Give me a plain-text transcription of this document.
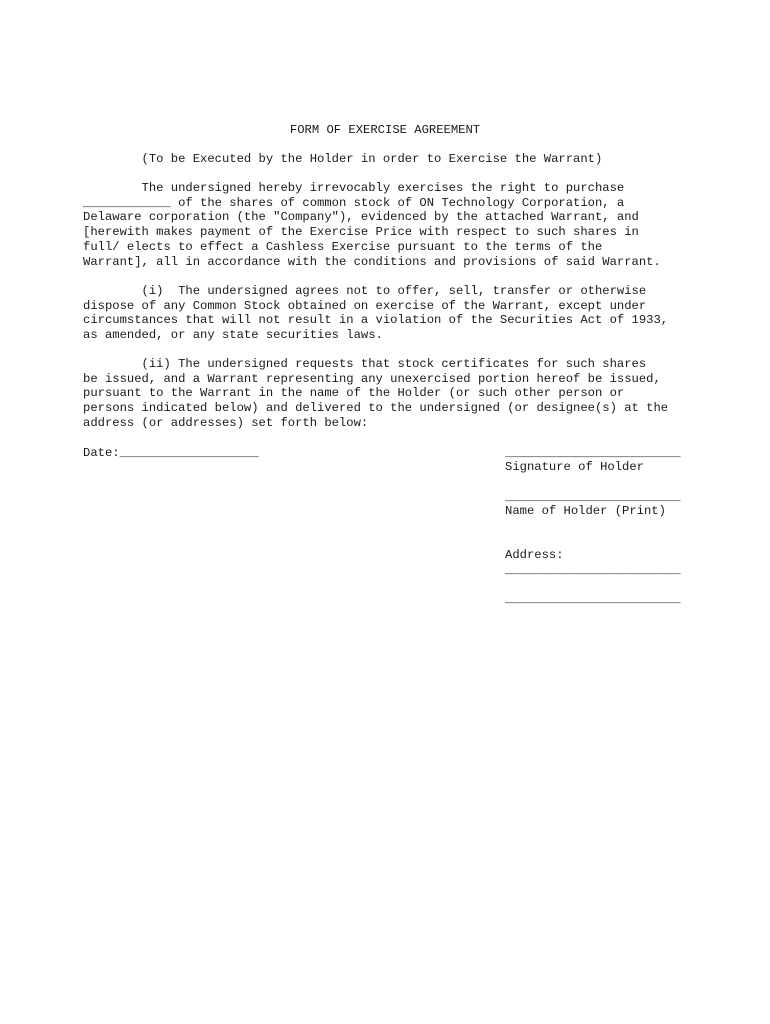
FORM OF EXERCISE AGREEMENT
(To be Executed by the Holder in order to Exercise the Warrant)
The undersigned hereby irrevocably exercises the right to purchase
____________ of the shares of common stock of ON Technology Corporation, a
Delaware corporation (the "Company"), evidenced by the attached Warrant, and
[herewith makes payment of the Exercise Price with respect to such shares in
full/ elects to effect a Cashless Exercise pursuant to the terms of the
Warrant], all in accordance with the conditions and provisions of said Warrant.
(i)  The undersigned agrees not to offer, sell, transfer or otherwise
dispose of any Common Stock obtained on exercise of the Warrant, except under
circumstances that will not result in a violation of the Securities Act of 1933,
as amended, or any state securities laws.
(ii) The undersigned requests that stock certificates for such shares
be issued, and a Warrant representing any unexercised portion hereof be issued,
pursuant to the Warrant in the name of the Holder (or such other person or
persons indicated below) and delivered to the undersigned (or designee(s) at the
address (or addresses) set forth below:
Date:___________________	________________________
Signature of Holder
________________________
Name of Holder (Print)
Address:
________________________
________________________
